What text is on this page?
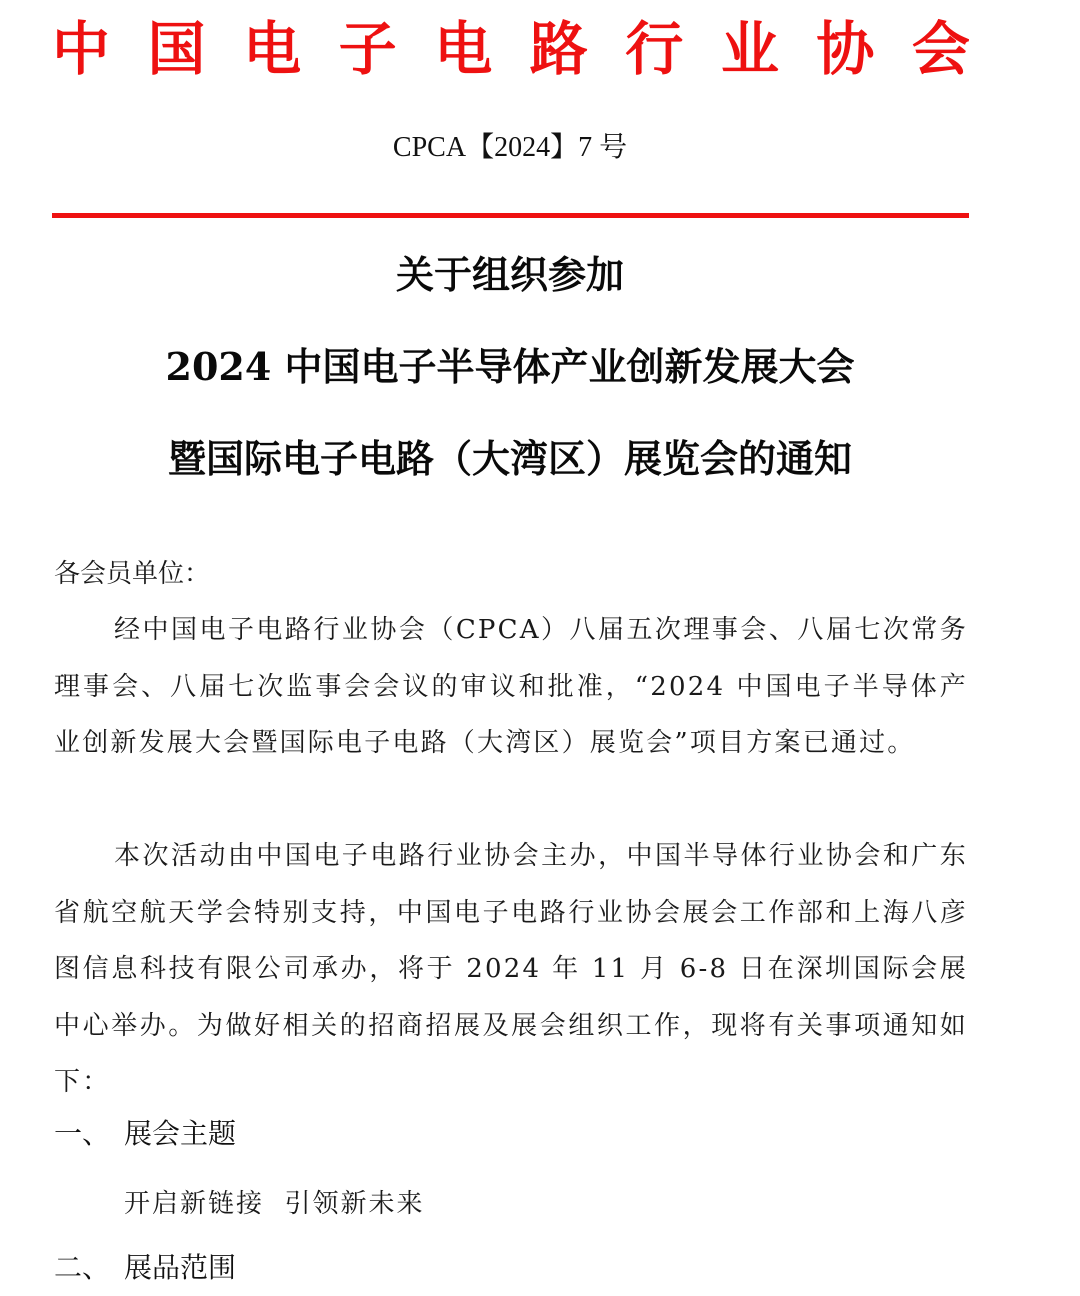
中 国 电 子 电 路 行 业 协 会
CPCA【2024】7 号
关于组织参加
2024 中国电子半导体产业创新发展大会
暨国际电子电路（大湾区）展览会的通知
各会员单位：
经中国电子电路行业协会（CPCA）八届五次理事会、八届七次常务理事会、八届七次监事会会议的审议和批准，“2024 中国电子半导体产业创新发展大会暨国际电子电路（大湾区）展览会”项目方案已通过。
本次活动由中国电子电路行业协会主办，中国半导体行业协会和广东省航空航天学会特别支持，中国电子电路行业协会展会工作部和上海八彦图信息科技有限公司承办，将于 2024 年 11 月 6-8 日在深圳国际会展中心举办。为做好相关的招商招展及展会组织工作，现将有关事项通知如下：
一、 展会主题
开启新链接  引领新未来
二、 展品范围
